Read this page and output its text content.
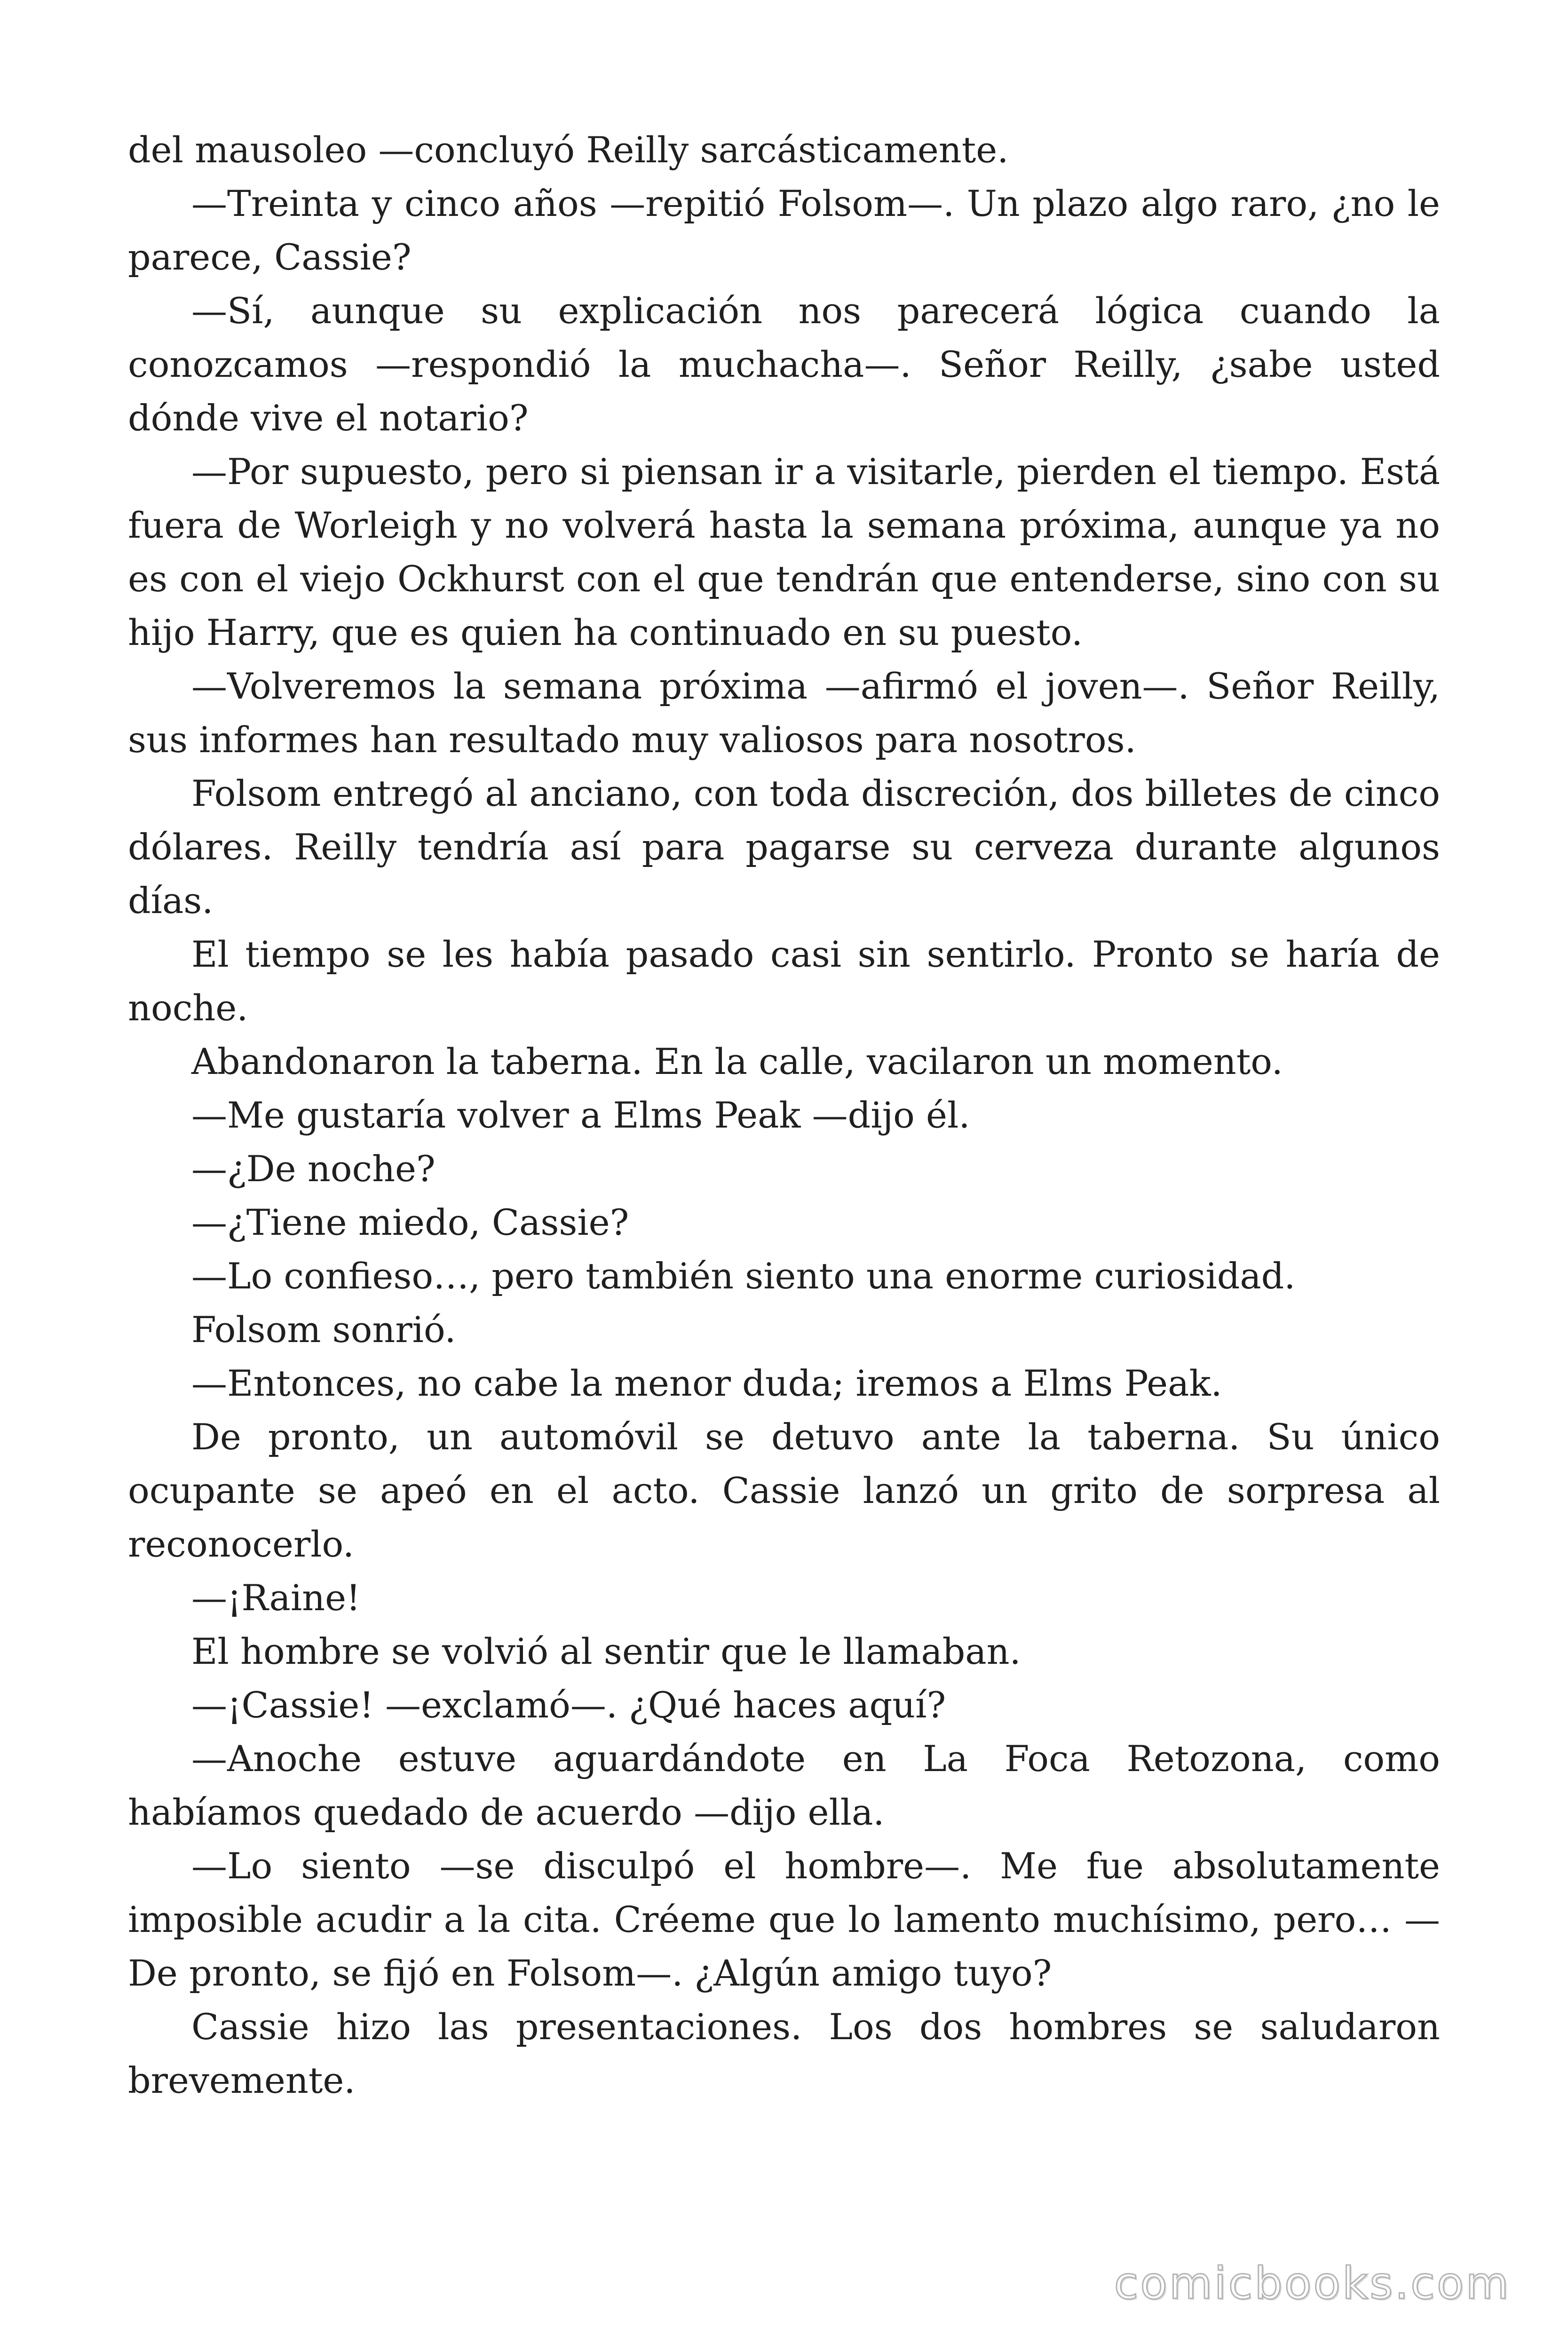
del mausoleo —concluyó Reilly sarcásticamente.

—Treinta y cinco años —repitió Folsom—. Un plazo algo raro, ¿no le parece, Cassie?

—Sí, aunque su explicación nos parecerá lógica cuando la conozcamos —respondió la muchacha—. Señor Reilly, ¿sabe usted dónde vive el notario?

—Por supuesto, pero si piensan ir a visitarle, pierden el tiempo. Está fuera de Worleigh y no volverá hasta la semana próxima, aunque ya no es con el viejo Ockhurst con el que tendrán que entenderse, sino con su hijo Harry, que es quien ha continuado en su puesto.

—Volveremos la semana próxima —afirmó el joven—. Señor Reilly, sus informes han resultado muy valiosos para nosotros.

Folsom entregó al anciano, con toda discreción, dos billetes de cinco dólares. Reilly tendría así para pagarse su cerveza durante algunos días.

El tiempo se les había pasado casi sin sentirlo. Pronto se haría de noche.

Abandonaron la taberna. En la calle, vacilaron un momento.

—Me gustaría volver a Elms Peak —dijo él.

—¿De noche?

—¿Tiene miedo, Cassie?

—Lo confieso…, pero también siento una enorme curiosidad.

Folsom sonrió.

—Entonces, no cabe la menor duda; iremos a Elms Peak.

De pronto, un automóvil se detuvo ante la taberna. Su único ocupante se apeó en el acto. Cassie lanzó un grito de sorpresa al reconocerlo.

—¡Raine!

El hombre se volvió al sentir que le llamaban.

—¡Cassie! —exclamó—. ¿Qué haces aquí?

—Anoche estuve aguardándote en La Foca Retozona, como habíamos quedado de acuerdo —dijo ella.

—Lo siento —se disculpó el hombre—. Me fue absolutamente imposible acudir a la cita. Créeme que lo lamento muchísimo, pero… —De pronto, se fijó en Folsom—. ¿Algún amigo tuyo?

Cassie hizo las presentaciones. Los dos hombres se saludaron brevemente.

comicbooks.com
